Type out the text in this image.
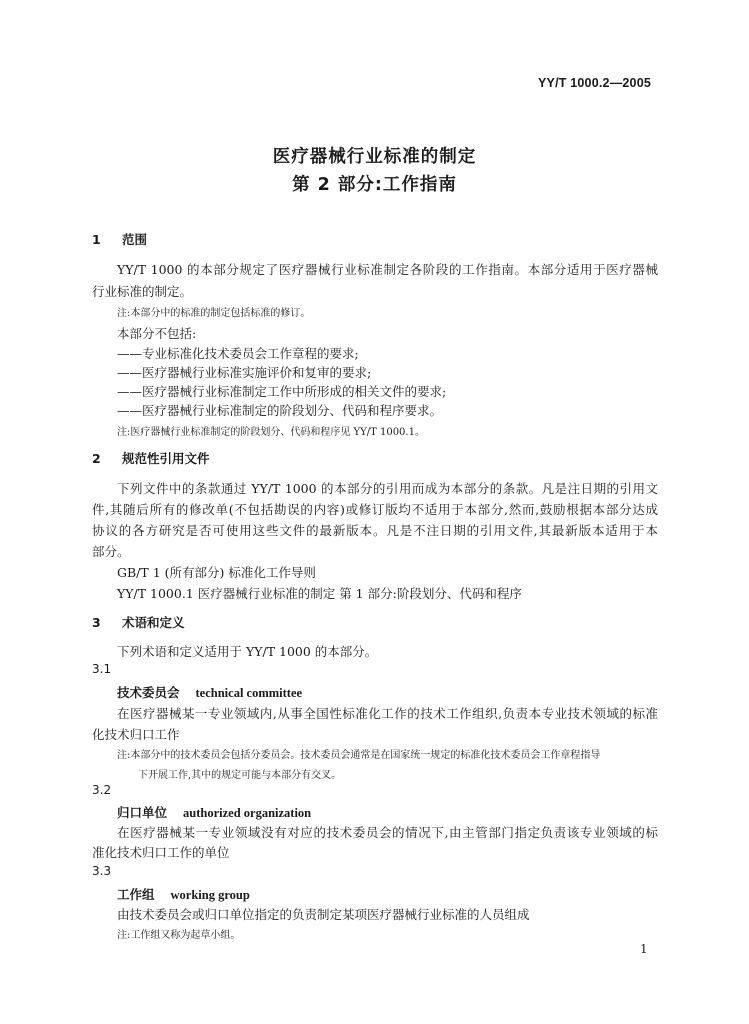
YY/T 1000.2—2005
医疗器械行业标准的制定
第 2 部分:工作指南
1 范围
YY/T 1000 的本部分规定了医疗器械行业标准制定各阶段的工作指南。本部分适用于医疗器械
行业标准的制定。
注:本部分中的标准的制定包括标准的修订。
本部分不包括:
——专业标准化技术委员会工作章程的要求;
——医疗器械行业标准实施评价和复审的要求;
——医疗器械行业标准制定工作中所形成的相关文件的要求;
——医疗器械行业标准制定的阶段划分、代码和程序要求。
注:医疗器械行业标准制定的阶段划分、代码和程序见 YY/T 1000.1。
2 规范性引用文件
下列文件中的条款通过 YY/T 1000 的本部分的引用而成为本部分的条款。凡是注日期的引用文
件,其随后所有的修改单(不包括勘误的内容)或修订版均不适用于本部分,然而,鼓励根据本部分达成
协议的各方研究是否可使用这些文件的最新版本。凡是不注日期的引用文件,其最新版本适用于本
部分。
GB/T 1 (所有部分) 标准化工作导则
YY/T 1000.1 医疗器械行业标准的制定 第 1 部分:阶段划分、代码和程序
3 术语和定义
下列术语和定义适用于 YY/T 1000 的本部分。
3.1
技术委员会 technical committee
在医疗器械某一专业领域内,从事全国性标准化工作的技术工作组织,负责本专业技术领域的标准
化技术归口工作
注:本部分中的技术委员会包括分委员会。技术委员会通常是在国家统一规定的标准化技术委员会工作章程指导
下开展工作,其中的规定可能与本部分有交叉。
3.2
归口单位 authorized organization
在医疗器械某一专业领域没有对应的技术委员会的情况下,由主管部门指定负责该专业领域的标
准化技术归口工作的单位
3.3
工作组 working group
由技术委员会或归口单位指定的负责制定某项医疗器械行业标准的人员组成
注:工作组又称为起草小组。
1
